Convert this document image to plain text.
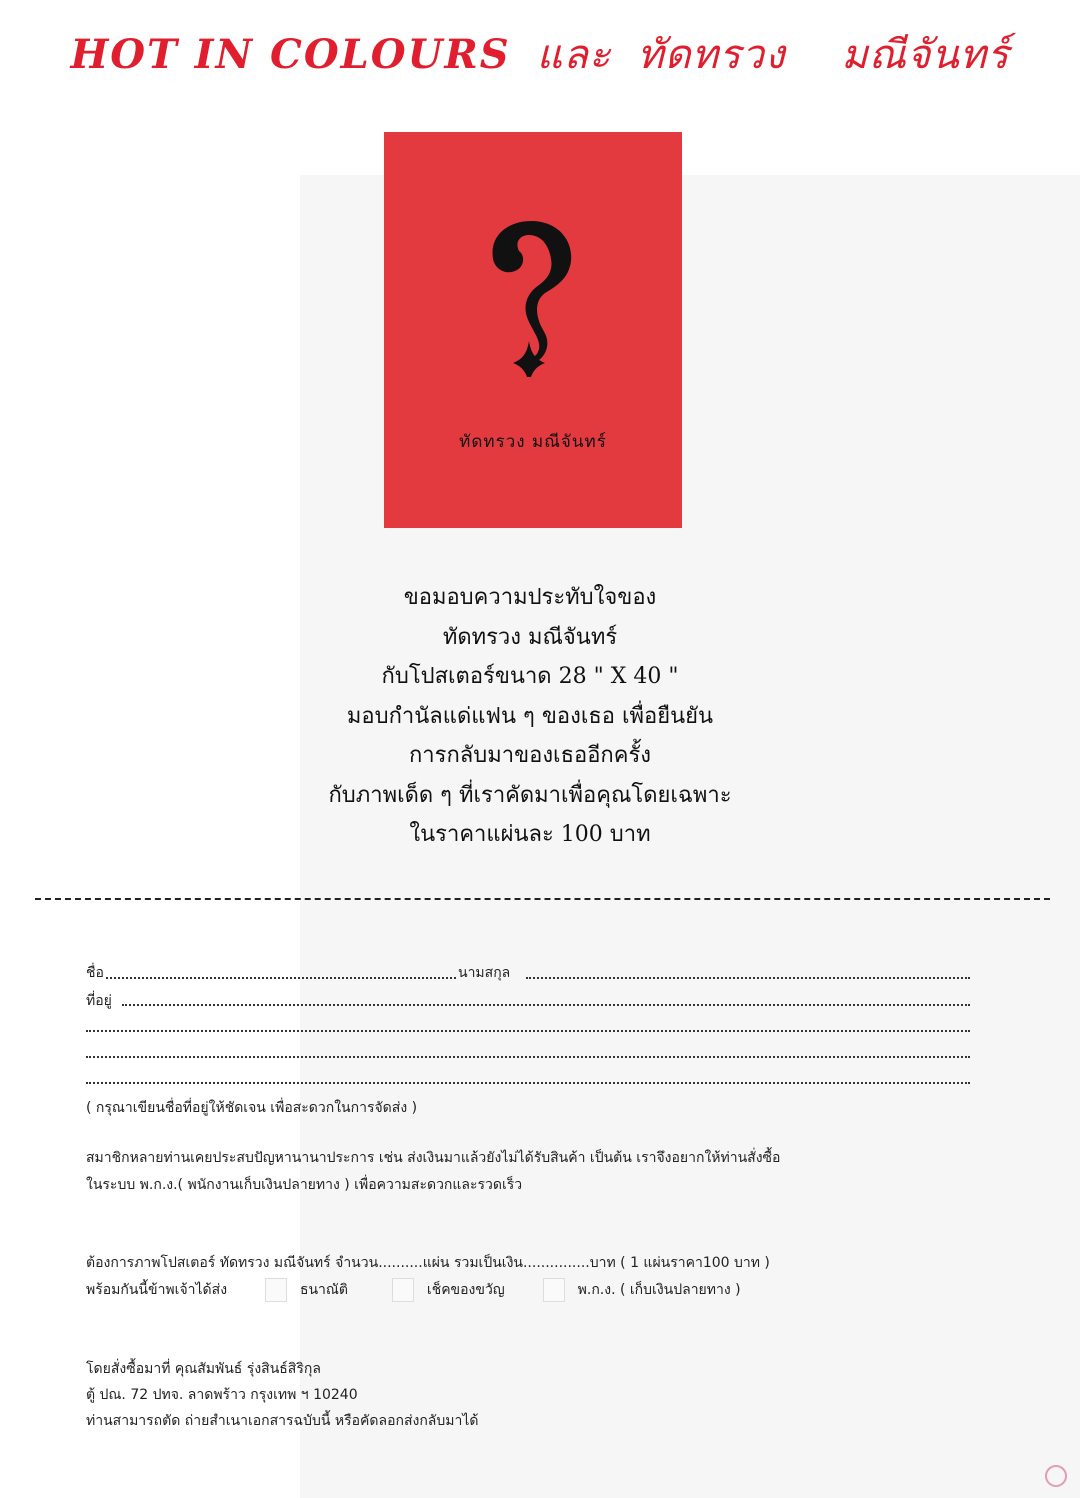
HOT IN COLOURS และ ทัดทรวง มณีจันทร์
ทัดทรวง มณีจันทร์
ขอมอบความประทับใจของ
ทัดทรวง มณีจันทร์
กับโปสเตอร์ขนาด 28 " X 40 "
มอบกำนัลแด่แฟน ๆ ของเธอ เพื่อยืนยัน
การกลับมาของเธออีกครั้ง
กับภาพเด็ด ๆ ที่เราคัดมาเพื่อคุณโดยเฉพาะ
ในราคาแผ่นละ 100 บาท
ชื่อ	นามสกุล
ที่อยู่
( กรุณาเขียนชื่อที่อยู่ให้ชัดเจน เพื่อสะดวกในการจัดส่ง )
สมาชิกหลายท่านเคยประสบปัญหานานาประการ เช่น ส่งเงินมาแล้วยังไม่ได้รับสินค้า เป็นต้น เราจึงอยากให้ท่านสั่งซื้อ
ในระบบ พ.ก.ง.( พนักงานเก็บเงินปลายทาง ) เพื่อความสะดวกและรวดเร็ว
ต้องการภาพโปสเตอร์ ทัดทรวง มณีจันทร์ จำนวน..........แผ่น รวมเป็นเงิน...............บาท ( 1 แผ่นราคา100 บาท )
พร้อมกันนี้ข้าพเจ้าได้ส่ง	ธนาณัติ	เช็คของขวัญ	พ.ก.ง. ( เก็บเงินปลายทาง )
โดยสั่งซื้อมาที่ คุณสัมพันธ์ รุ่งสินธ์สิริกุล
ตู้ ปณ. 72 ปทจ. ลาดพร้าว กรุงเทพ ฯ 10240
ท่านสามารถตัด ถ่ายสำเนาเอกสารฉบับนี้ หรือคัดลอกส่งกลับมาได้
